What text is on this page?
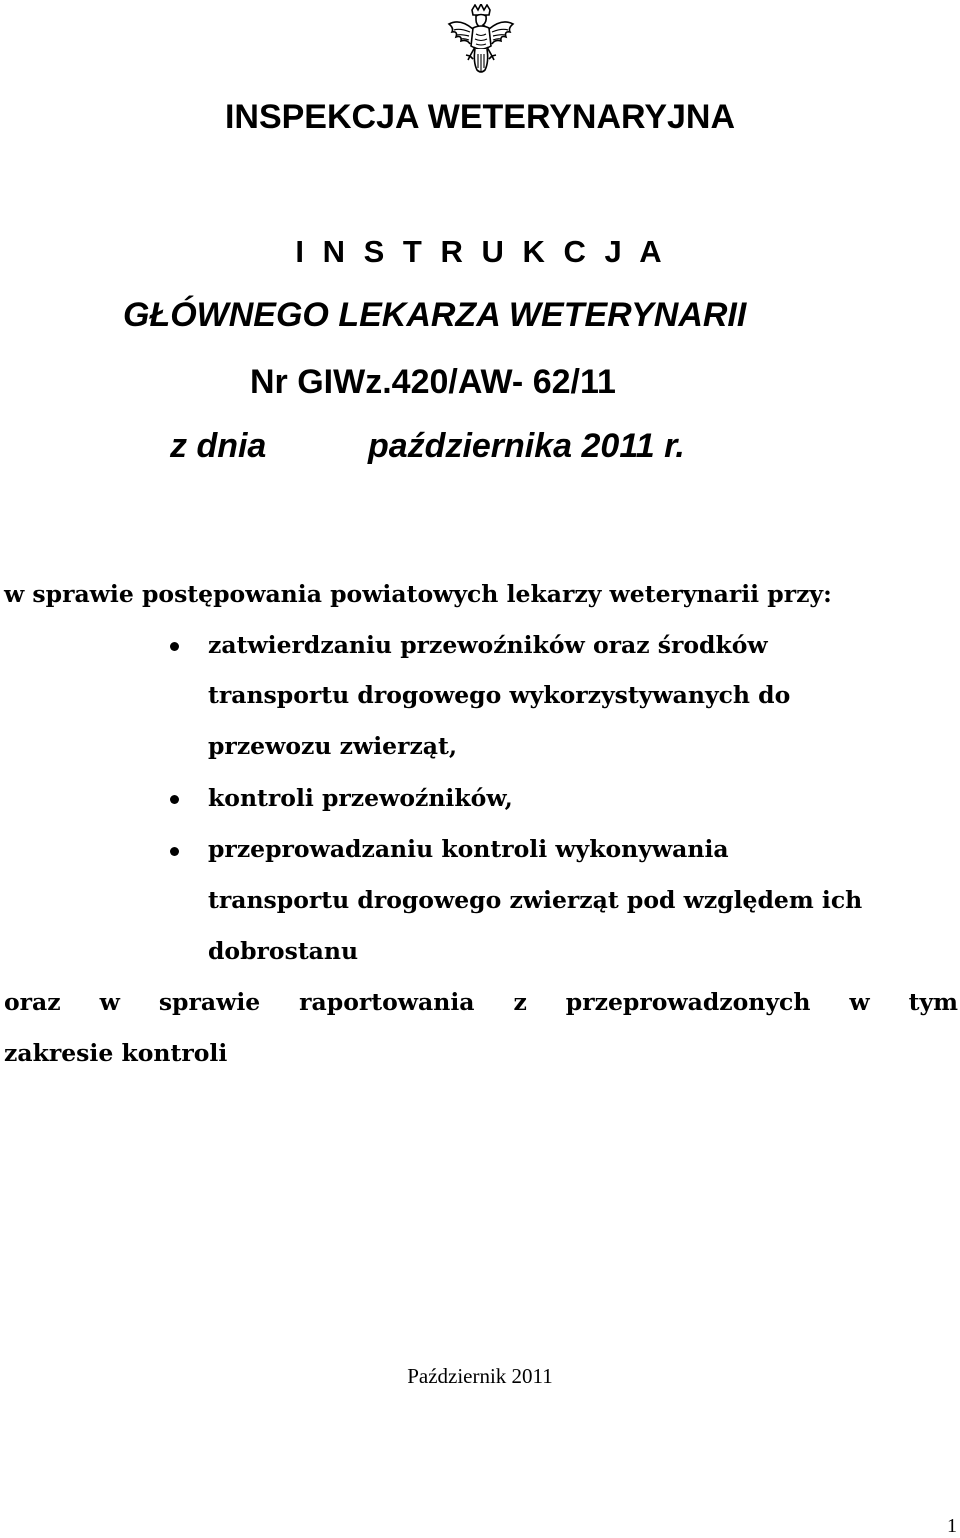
INSPEKCJA WETERYNARYJNA
I N S T R U K C J A
GŁÓWNEGO LEKARZA WETERYNARII
Nr GIWz.420/AW- 62/11
z dnia	października 2011 r.
w sprawie postępowania powiatowych lekarzy weterynarii przy:
zatwierdzaniu przewoźników oraz środków
transportu drogowego wykorzystywanych do
przewozu zwierząt,
kontroli przewoźników,
przeprowadzaniu kontroli wykonywania
transportu drogowego zwierząt pod względem ich
dobrostanu
oraz w sprawie raportowania z przeprowadzonych w tym
zakresie kontroli
Październik 2011
1
